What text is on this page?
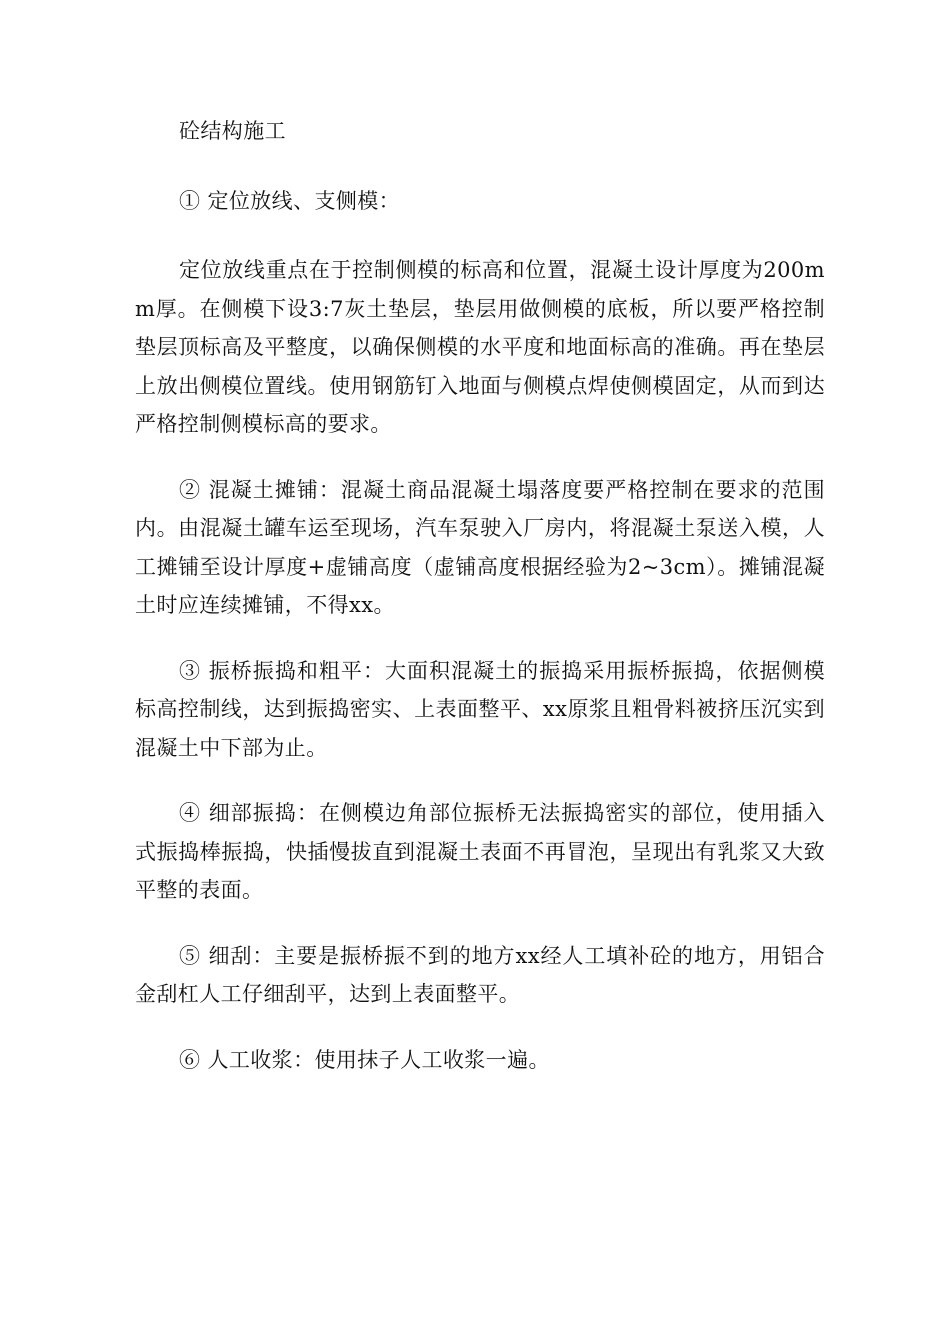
砼结构施工

① 定位放线、支侧模：

定位放线重点在于控制侧模的标高和位置，混凝土设计厚度为200mm厚。在侧模下设3:7灰土垫层，垫层用做侧模的底板，所以要严格控制垫层顶标高及平整度，以确保侧模的水平度和地面标高的准确。再在垫层上放出侧模位置线。使用钢筋钉入地面与侧模点焊使侧模固定，从而到达严格控制侧模标高的要求。

② 混凝土摊铺：混凝土商品混凝土塌落度要严格控制在要求的范围内。由混凝土罐车运至现场，汽车泵驶入厂房内，将混凝土泵送入模，人工摊铺至设计厚度+虚铺高度（虚铺高度根据经验为2~3cm）。摊铺混凝土时应连续摊铺，不得xx。

③ 振桥振捣和粗平：大面积混凝土的振捣采用振桥振捣，依据侧模标高控制线，达到振捣密实、上表面整平、xx原浆且粗骨料被挤压沉实到混凝土中下部为止。

④ 细部振捣：在侧模边角部位振桥无法振捣密实的部位，使用插入式振捣棒振捣，快插慢拔直到混凝土表面不再冒泡，呈现出有乳浆又大致平整的表面。

⑤ 细刮：主要是振桥振不到的地方xx经人工填补砼的地方，用铝合金刮杠人工仔细刮平，达到上表面整平。

⑥ 人工收浆：使用抹子人工收浆一遍。
